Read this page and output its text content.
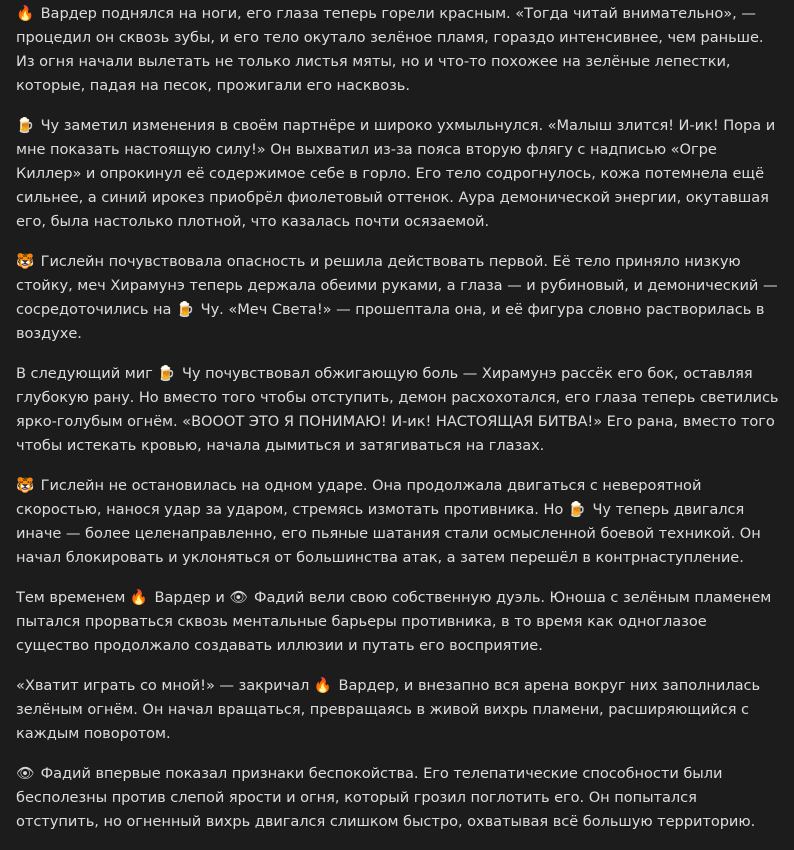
🔥 Вардер поднялся на ноги, его глаза теперь горели красным. «Тогда читай внимательно», — процедил он сквозь зубы, и его тело окутало зелёное пламя, гораздо интенсивнее, чем раньше. Из огня начали вылетать не только листья мяты, но и что-то похожее на зелёные лепестки, которые, падая на песок, прожигали его насквозь.

🍺 Чу заметил изменения в своём партнёре и широко ухмыльнулся. «Малыш злится! И-ик! Пора и мне показать настоящую силу!» Он выхватил из-за пояса вторую флягу с надписью «Огре Киллер» и опрокинул её содержимое себе в горло. Его тело содрогнулось, кожа потемнела ещё сильнее, а синий ирокез приобрёл фиолетовый оттенок. Аура демонической энергии, окутавшая его, была настолько плотной, что казалась почти осязаемой.

🐯 Гислейн почувствовала опасность и решила действовать первой. Её тело приняло низкую стойку, меч Хирамунэ теперь держала обеими руками, а глаза — и рубиновый, и демонический — сосредоточились на 🍺 Чу. «Меч Света!» — прошептала она, и её фигура словно растворилась в воздухе.

В следующий миг 🍺 Чу почувствовал обжигающую боль — Хирамунэ рассёк его бок, оставляя глубокую рану. Но вместо того чтобы отступить, демон расхохотался, его глаза теперь светились ярко-голубым огнём. «ВОООТ ЭТО Я ПОНИМАЮ! И-ик! НАСТОЯЩАЯ БИТВА!» Его рана, вместо того чтобы истекать кровью, начала дымиться и затягиваться на глазах.

🐯 Гислейн не остановилась на одном ударе. Она продолжала двигаться с невероятной скоростью, нанося удар за ударом, стремясь измотать противника. Но 🍺 Чу теперь двигался иначе — более целенаправленно, его пьяные шатания стали осмысленной боевой техникой. Он начал блокировать и уклоняться от большинства атак, а затем перешёл в контрнаступление.

Тем временем 🔥 Вардер и 👁 Фадий вели свою собственную дуэль. Юноша с зелёным пламенем пытался прорваться сквозь ментальные барьеры противника, в то время как одноглазое существо продолжало создавать иллюзии и путать его восприятие.

«Хватит играть со мной!» — закричал 🔥 Вардер, и внезапно вся арена вокруг них заполнилась зелёным огнём. Он начал вращаться, превращаясь в живой вихрь пламени, расширяющийся с каждым поворотом.

👁 Фадий впервые показал признаки беспокойства. Его телепатические способности были бесполезны против слепой ярости и огня, который грозил поглотить его. Он попытался отступить, но огненный вихрь двигался слишком быстро, охватывая всё большую территорию.
